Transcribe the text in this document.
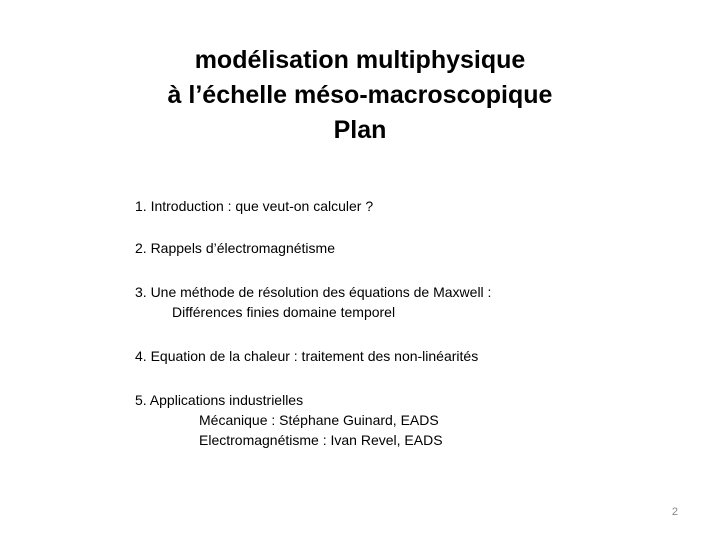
modélisation multiphysique
à l’échelle méso-macroscopique
Plan
1. Introduction : que veut-on calculer ?
2. Rappels d’électromagnétisme
3. Une méthode de résolution des équations de Maxwell :
Différences finies domaine temporel
4. Equation de la chaleur : traitement des non-linéarités
5. Applications industrielles
Mécanique : Stéphane Guinard, EADS
Electromagnétisme : Ivan Revel, EADS
2
